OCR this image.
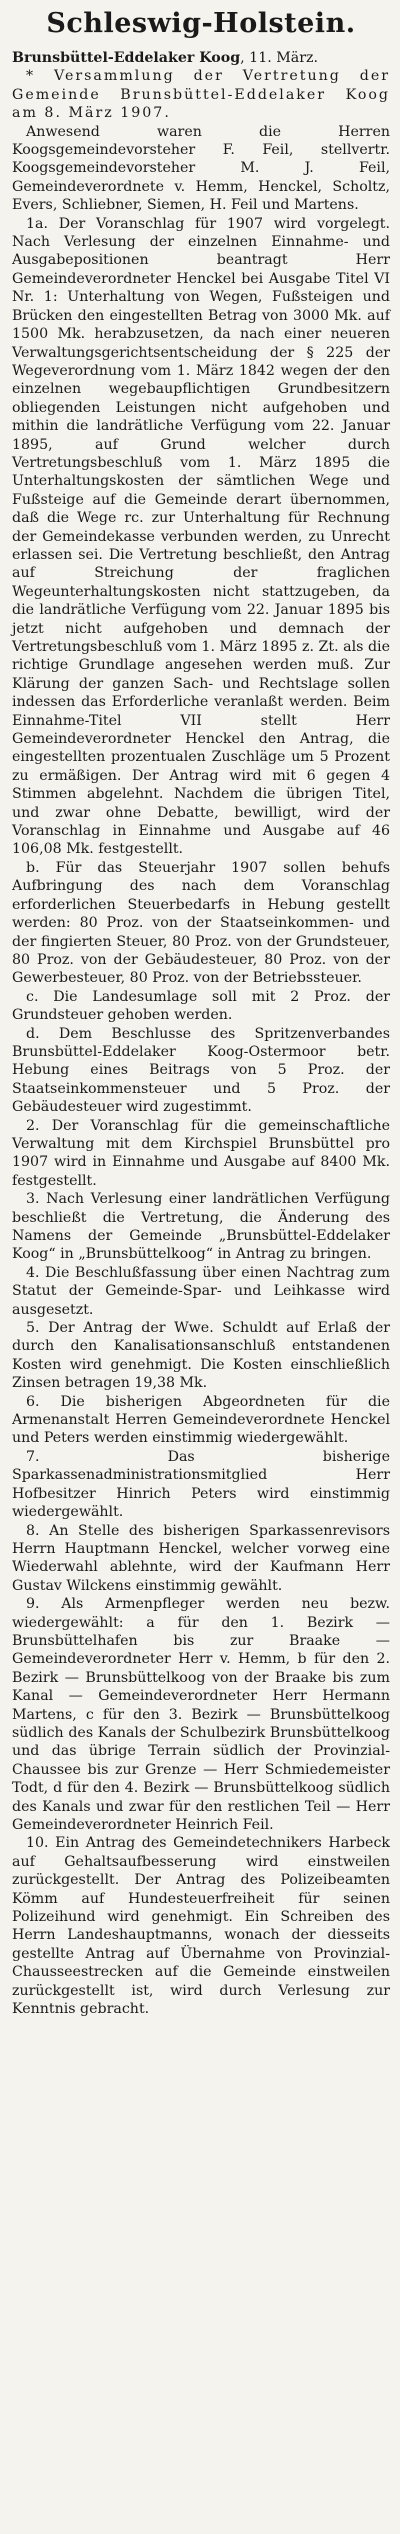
Schleswig-Holstein.
Brunsbüttel-Eddelaker Koog, 11. März.

* Versammlung der Vertretung der Gemeinde Brunsbüttel-Eddelaker Koog am 8. März 1907.

Anwesend waren die Herren Koogsgemeindevorsteher F. Feil, stellvertr. Koogsgemeindevorsteher M. J. Feil, Gemeindeverordnete v. Hemm, Henckel, Scholtz, Evers, Schliebner, Siemen, H. Feil und Martens.

1a. Der Voranschlag für 1907 wird vorgelegt. Nach Verlesung der einzelnen Einnahme- und Ausgabepositionen beantragt Herr Gemeindeverordneter Henckel bei Ausgabe Titel VI Nr. 1: Unterhaltung von Wegen, Fußsteigen und Brücken den eingestellten Betrag von 3000 Mk. auf 1500 Mk. herabzusetzen, da nach einer neueren Verwaltungsgerichtsentscheidung der § 225 der Wegeverordnung vom 1. März 1842 wegen der den einzelnen wegebaupflichtigen Grundbesitzern obliegenden Leistungen nicht aufgehoben und mithin die landrätliche Verfügung vom 22. Januar 1895, auf Grund welcher durch Vertretungsbeschluß vom 1. März 1895 die Unterhaltungskosten der sämtlichen Wege und Fußsteige auf die Gemeinde derart übernommen, daß die Wege rc. zur Unterhaltung für Rechnung der Gemeindekasse verbunden werden, zu Unrecht erlassen sei. Die Vertretung beschließt, den Antrag auf Streichung der fraglichen Wegeunterhaltungskosten nicht stattzugeben, da die landrätliche Verfügung vom 22. Januar 1895 bis jetzt nicht aufgehoben und demnach der Vertretungsbeschluß vom 1. März 1895 z. Zt. als die richtige Grundlage angesehen werden muß. Zur Klärung der ganzen Sach- und Rechtslage sollen indessen das Erforderliche veranlaßt werden. Beim Einnahme-Titel VII stellt Herr Gemeindeverordneter Henckel den Antrag, die eingestellten prozentualen Zuschläge um 5 Prozent zu ermäßigen. Der Antrag wird mit 6 gegen 4 Stimmen abgelehnt. Nachdem die übrigen Titel, und zwar ohne Debatte, bewilligt, wird der Voranschlag in Einnahme und Ausgabe auf 46 106,08 Mk. festgestellt.

b. Für das Steuerjahr 1907 sollen behufs Aufbringung des nach dem Voranschlag erforderlichen Steuerbedarfs in Hebung gestellt werden: 80 Proz. von der Staatseinkommen- und der fingierten Steuer, 80 Proz. von der Grundsteuer, 80 Proz. von der Gebäudesteuer, 80 Proz. von der Gewerbesteuer, 80 Proz. von der Betriebssteuer.

c. Die Landesumlage soll mit 2 Proz. der Grundsteuer gehoben werden.

d. Dem Beschlusse des Spritzenverbandes Brunsbüttel-Eddelaker Koog-Ostermoor betr. Hebung eines Beitrags von 5 Proz. der Staatseinkommensteuer und 5 Proz. der Gebäudesteuer wird zugestimmt.

2. Der Voranschlag für die gemeinschaftliche Verwaltung mit dem Kirchspiel Brunsbüttel pro 1907 wird in Einnahme und Ausgabe auf 8400 Mk. festgestellt.

3. Nach Verlesung einer landrätlichen Verfügung beschließt die Vertretung, die Änderung des Namens der Gemeinde „Brunsbüttel-Eddelaker Koog“ in „Brunsbüttelkoog“ in Antrag zu bringen.

4. Die Beschlußfassung über einen Nachtrag zum Statut der Gemeinde-Spar- und Leihkasse wird ausgesetzt.

5. Der Antrag der Wwe. Schuldt auf Erlaß der durch den Kanalisationsanschluß entstandenen Kosten wird genehmigt. Die Kosten einschließlich Zinsen betragen 19,38 Mk.

6. Die bisherigen Abgeordneten für die Armenanstalt Herren Gemeindeverordnete Henckel und Peters werden einstimmig wiedergewählt.

7. Das bisherige Sparkassenadministrationsmitglied Herr Hofbesitzer Hinrich Peters wird einstimmig wiedergewählt.

8. An Stelle des bisherigen Sparkassenrevisors Herrn Hauptmann Henckel, welcher vorweg eine Wiederwahl ablehnte, wird der Kaufmann Herr Gustav Wilckens einstimmig gewählt.

9. Als Armenpfleger werden neu bezw. wiedergewählt: a für den 1. Bezirk — Brunsbüttelhafen bis zur Braake — Gemeindeverordneter Herr v. Hemm, b für den 2. Bezirk — Brunsbüttelkoog von der Braake bis zum Kanal — Gemeindeverordneter Herr Hermann Martens, c für den 3. Bezirk — Brunsbüttelkoog südlich des Kanals der Schulbezirk Brunsbüttelkoog und das übrige Terrain südlich der Provinzial-Chaussee bis zur Grenze — Herr Schmiedemeister Todt, d für den 4. Bezirk — Brunsbüttelkoog südlich des Kanals und zwar für den restlichen Teil — Herr Gemeindeverordneter Heinrich Feil.

10. Ein Antrag des Gemeindetechnikers Harbeck auf Gehaltsaufbesserung wird einstweilen zurückgestellt. Der Antrag des Polizeibeamten Kömm auf Hundesteuerfreiheit für seinen Polizeihund wird genehmigt. Ein Schreiben des Herrn Landeshauptmanns, wonach der diesseits gestellte Antrag auf Übernahme von Provinzial-Chausseestrecken auf die Gemeinde einstweilen zurückgestellt ist, wird durch Verlesung zur Kenntnis gebracht.
